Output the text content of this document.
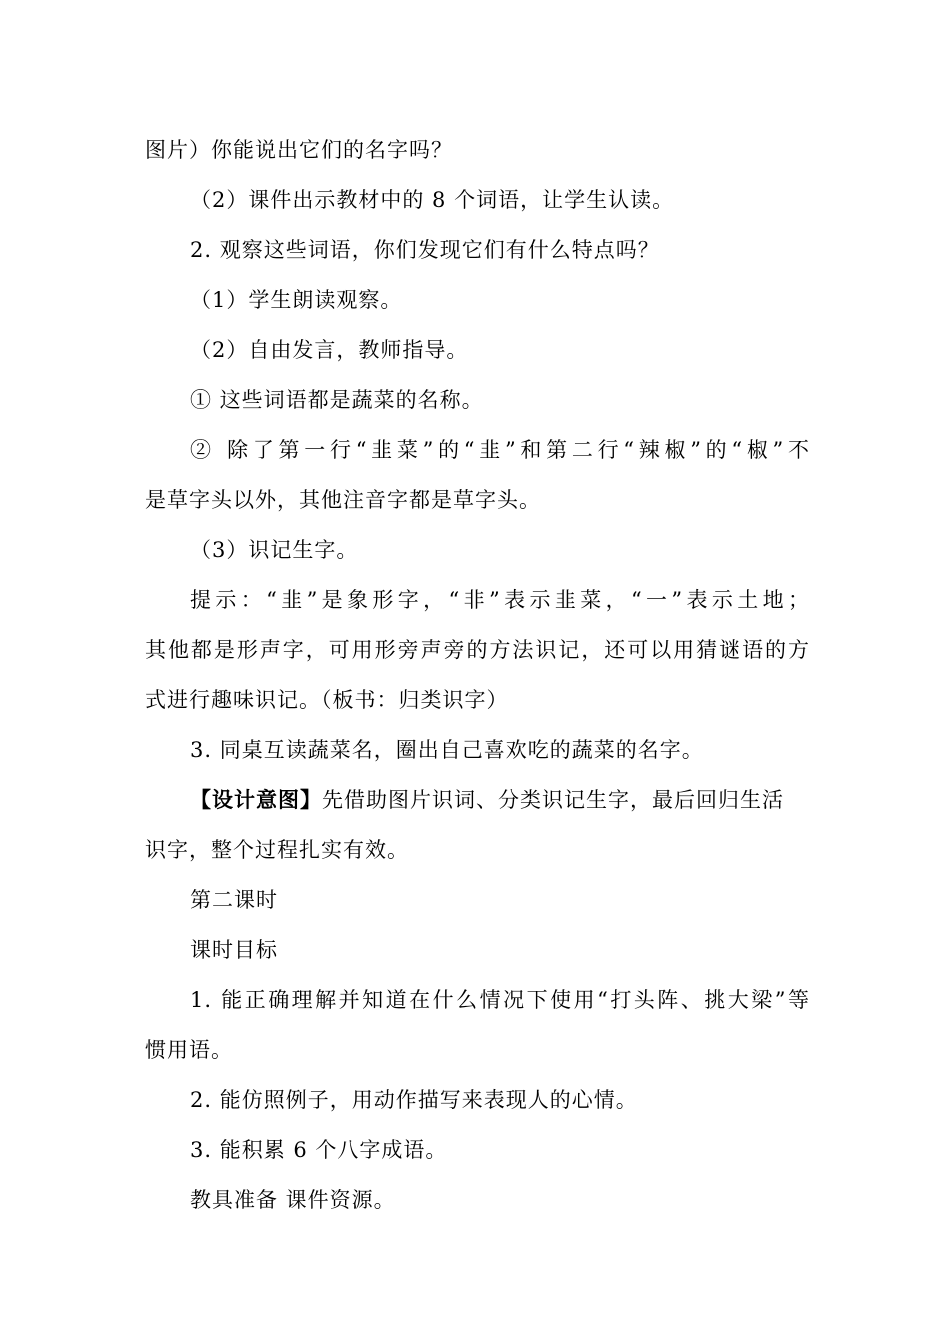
图片）你能说出它们的名字吗？
（2）课件出示教材中的 8 个词语，让学生认读。
2. 观察这些词语，你们发现它们有什么特点吗？
（1）学生朗读观察。
（2）自由发言，教师指导。
① 这些词语都是蔬菜的名称。
② 除了第一行“韭菜”的“韭”和第二行“辣椒”的“椒”不
是草字头以外，其他注音字都是草字头。
（3）识记生字。
提示：“韭”是象形字，“非”表示韭菜，“一”表示土地；
其他都是形声字，可用形旁声旁的方法识记，还可以用猜谜语的方
式进行趣味识记。（板书：归类识字）
3. 同桌互读蔬菜名，圈出自己喜欢吃的蔬菜的名字。
【设计意图】先借助图片识词、分类识记生字，最后回归生活
识字，整个过程扎实有效。
第二课时
课时目标
1. 能正确理解并知道在什么情况下使用“打头阵、挑大梁”等
惯用语。
2. 能仿照例子，用动作描写来表现人的心情。
3. 能积累 6 个八字成语。
教具准备 课件资源。
